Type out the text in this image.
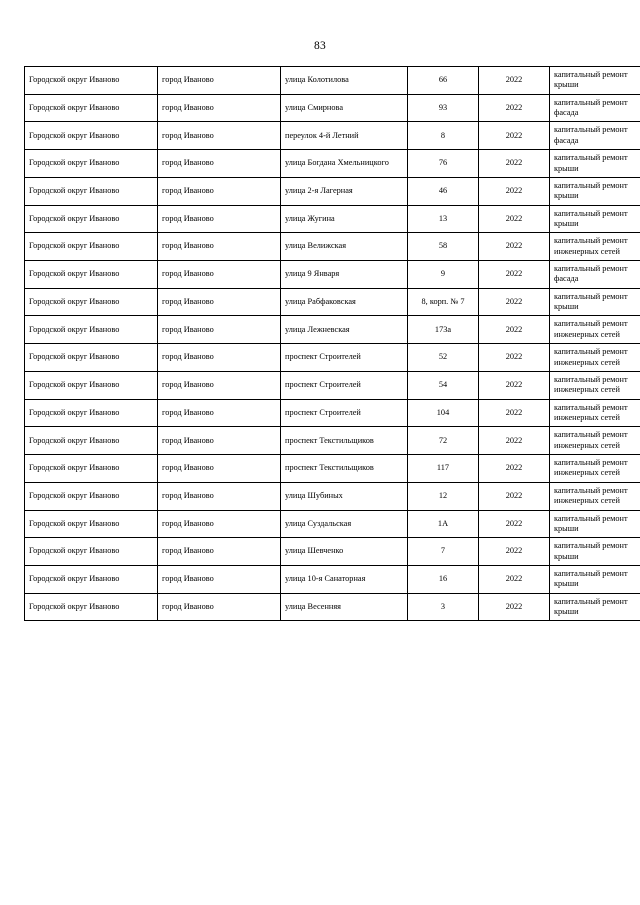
83
Городской округ Иваново	город Иваново	улица Колотилова	66	2022	капитальный ремонт крыши
Городской округ Иваново	город Иваново	улица Смирнова	93	2022	капитальный ремонт фасада
Городской округ Иваново	город Иваново	переулок 4-й Летний	8	2022	капитальный ремонт фасада
Городской округ Иваново	город Иваново	улица Богдана Хмельницкого	76	2022	капитальный ремонт крыши
Городской округ Иваново	город Иваново	улица 2-я Лагерная	46	2022	капитальный ремонт крыши
Городской округ Иваново	город Иваново	улица Жугина	13	2022	капитальный ремонт крыши
Городской округ Иваново	город Иваново	улица Велижская	58	2022	капитальный ремонт инженерных сетей
Городской округ Иваново	город Иваново	улица 9 Января	9	2022	капитальный ремонт фасада
Городской округ Иваново	город Иваново	улица Рабфаковская	8, корп. № 7	2022	капитальный ремонт крыши
Городской округ Иваново	город Иваново	улица Лежневская	173а	2022	капитальный ремонт инженерных сетей
Городской округ Иваново	город Иваново	проспект Строителей	52	2022	капитальный ремонт инженерных сетей
Городской округ Иваново	город Иваново	проспект Строителей	54	2022	капитальный ремонт инженерных сетей
Городской округ Иваново	город Иваново	проспект Строителей	104	2022	капитальный ремонт инженерных сетей
Городской округ Иваново	город Иваново	проспект Текстильщиков	72	2022	капитальный ремонт инженерных сетей
Городской округ Иваново	город Иваново	проспект Текстильщиков	117	2022	капитальный ремонт инженерных сетей
Городской округ Иваново	город Иваново	улица Шубиных	12	2022	капитальный ремонт инженерных сетей
Городской округ Иваново	город Иваново	улица Суздальская	1А	2022	капитальный ремонт крыши
Городской округ Иваново	город Иваново	улица Шевченко	7	2022	капитальный ремонт крыши
Городской округ Иваново	город Иваново	улица 10-я Санаторная	16	2022	капитальный ремонт крыши
Городской округ Иваново	город Иваново	улица Весенняя	3	2022	капитальный ремонт крыши
